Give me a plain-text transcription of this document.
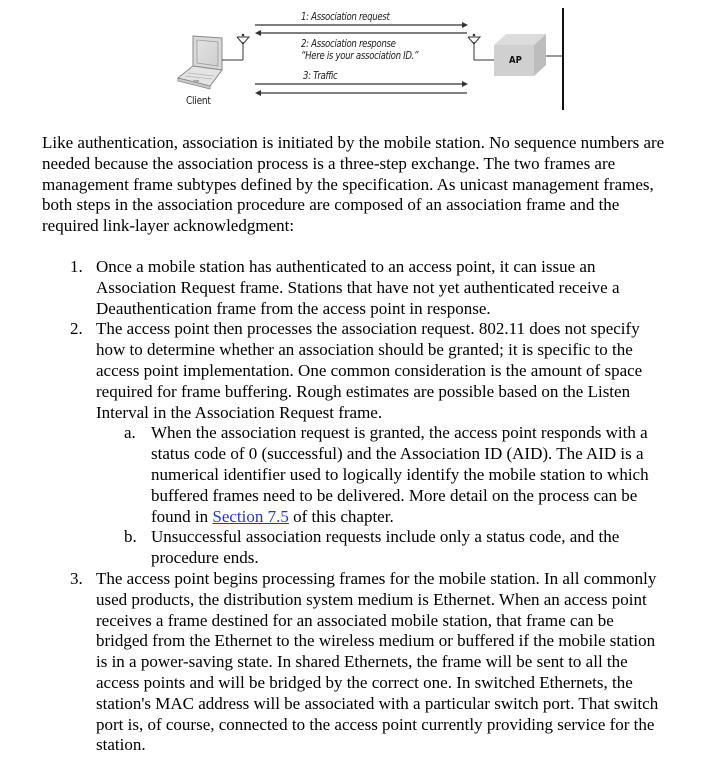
1: Association request
2: Association response
“Here is your association ID.”
3: Traffic
Client
AP

Like authentication, association is initiated by the mobile station. No sequence numbers are needed because the association process is a three-step exchange. The two frames are management frame subtypes defined by the specification. As unicast management frames, both steps in the association procedure are composed of an association frame and the required link-layer acknowledgment:

1. Once a mobile station has authenticated to an access point, it can issue an Association Request frame. Stations that have not yet authenticated receive a Deauthentication frame from the access point in response.
2. The access point then processes the association request. 802.11 does not specify how to determine whether an association should be granted; it is specific to the access point implementation. One common consideration is the amount of space required for frame buffering. Rough estimates are possible based on the Listen Interval in the Association Request frame.
a. When the association request is granted, the access point responds with a status code of 0 (successful) and the Association ID (AID). The AID is a numerical identifier used to logically identify the mobile station to which buffered frames need to be delivered. More detail on the process can be found in Section 7.5 of this chapter.
b. Unsuccessful association requests include only a status code, and the procedure ends.
3. The access point begins processing frames for the mobile station. In all commonly used products, the distribution system medium is Ethernet. When an access point receives a frame destined for an associated mobile station, that frame can be bridged from the Ethernet to the wireless medium or buffered if the mobile station is in a power-saving state. In shared Ethernets, the frame will be sent to all the access points and will be bridged by the correct one. In switched Ethernets, the station's MAC address will be associated with a particular switch port. That switch port is, of course, connected to the access point currently providing service for the station.
